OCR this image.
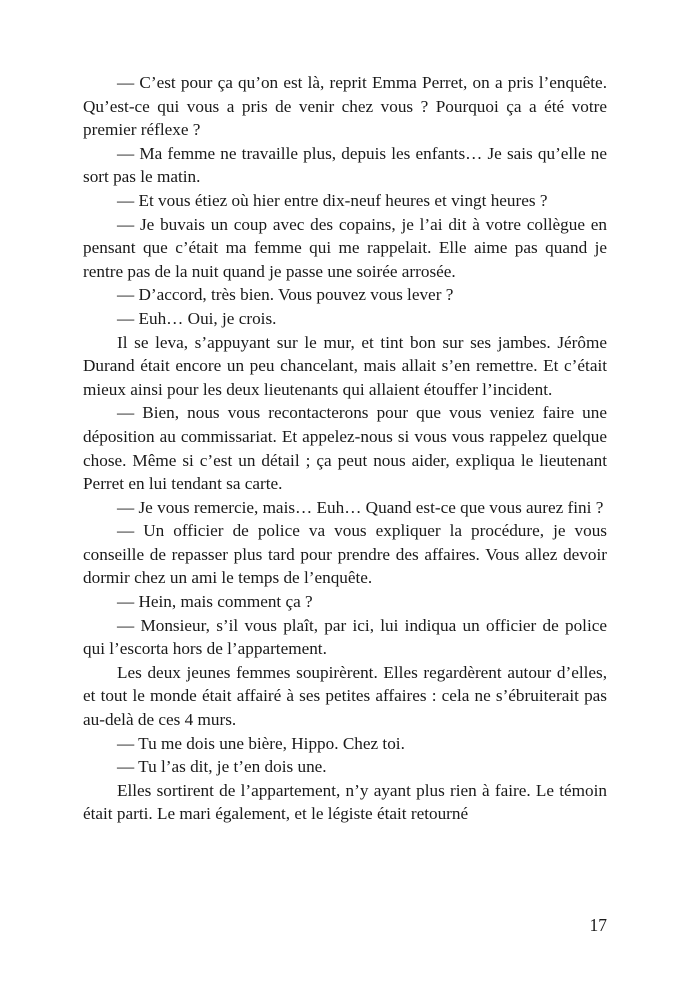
— C’est pour ça qu’on est là, reprit Emma Perret, on a pris l’enquête. Qu’est-ce qui vous a pris de venir chez vous ? Pourquoi ça a été votre premier réflexe ?

— Ma femme ne travaille plus, depuis les enfants… Je sais qu’elle ne sort pas le matin.

— Et vous étiez où hier entre dix-neuf heures et vingt heures ?

— Je buvais un coup avec des copains, je l’ai dit à votre collègue en pensant que c’était ma femme qui me rappelait. Elle aime pas quand je rentre pas de la nuit quand je passe une soirée arrosée.

— D’accord, très bien. Vous pouvez vous lever ?

— Euh… Oui, je crois.

Il se leva, s’appuyant sur le mur, et tint bon sur ses jambes. Jérôme Durand était encore un peu chancelant, mais allait s’en remettre. Et c’était mieux ainsi pour les deux lieutenants qui allaient étouffer l’incident.

— Bien, nous vous recontacterons pour que vous veniez faire une déposition au commissariat. Et appelez-nous si vous vous rappelez quelque chose. Même si c’est un détail ; ça peut nous aider, expliqua le lieutenant Perret en lui tendant sa carte.

— Je vous remercie, mais… Euh… Quand est-ce que vous aurez fini ?

— Un officier de police va vous expliquer la procédure, je vous conseille de repasser plus tard pour prendre des affaires. Vous allez devoir dormir chez un ami le temps de l’enquête.

— Hein, mais comment ça ?

— Monsieur, s’il vous plaît, par ici, lui indiqua un officier de police qui l’escorta hors de l’appartement.

Les deux jeunes femmes soupirèrent. Elles regardèrent autour d’elles, et tout le monde était affairé à ses petites affaires : cela ne s’ébruiterait pas au-delà de ces 4 murs.

— Tu me dois une bière, Hippo. Chez toi.

— Tu l’as dit, je t’en dois une.

Elles sortirent de l’appartement, n’y ayant plus rien à faire. Le témoin était parti. Le mari également, et le légiste était retourné

17
